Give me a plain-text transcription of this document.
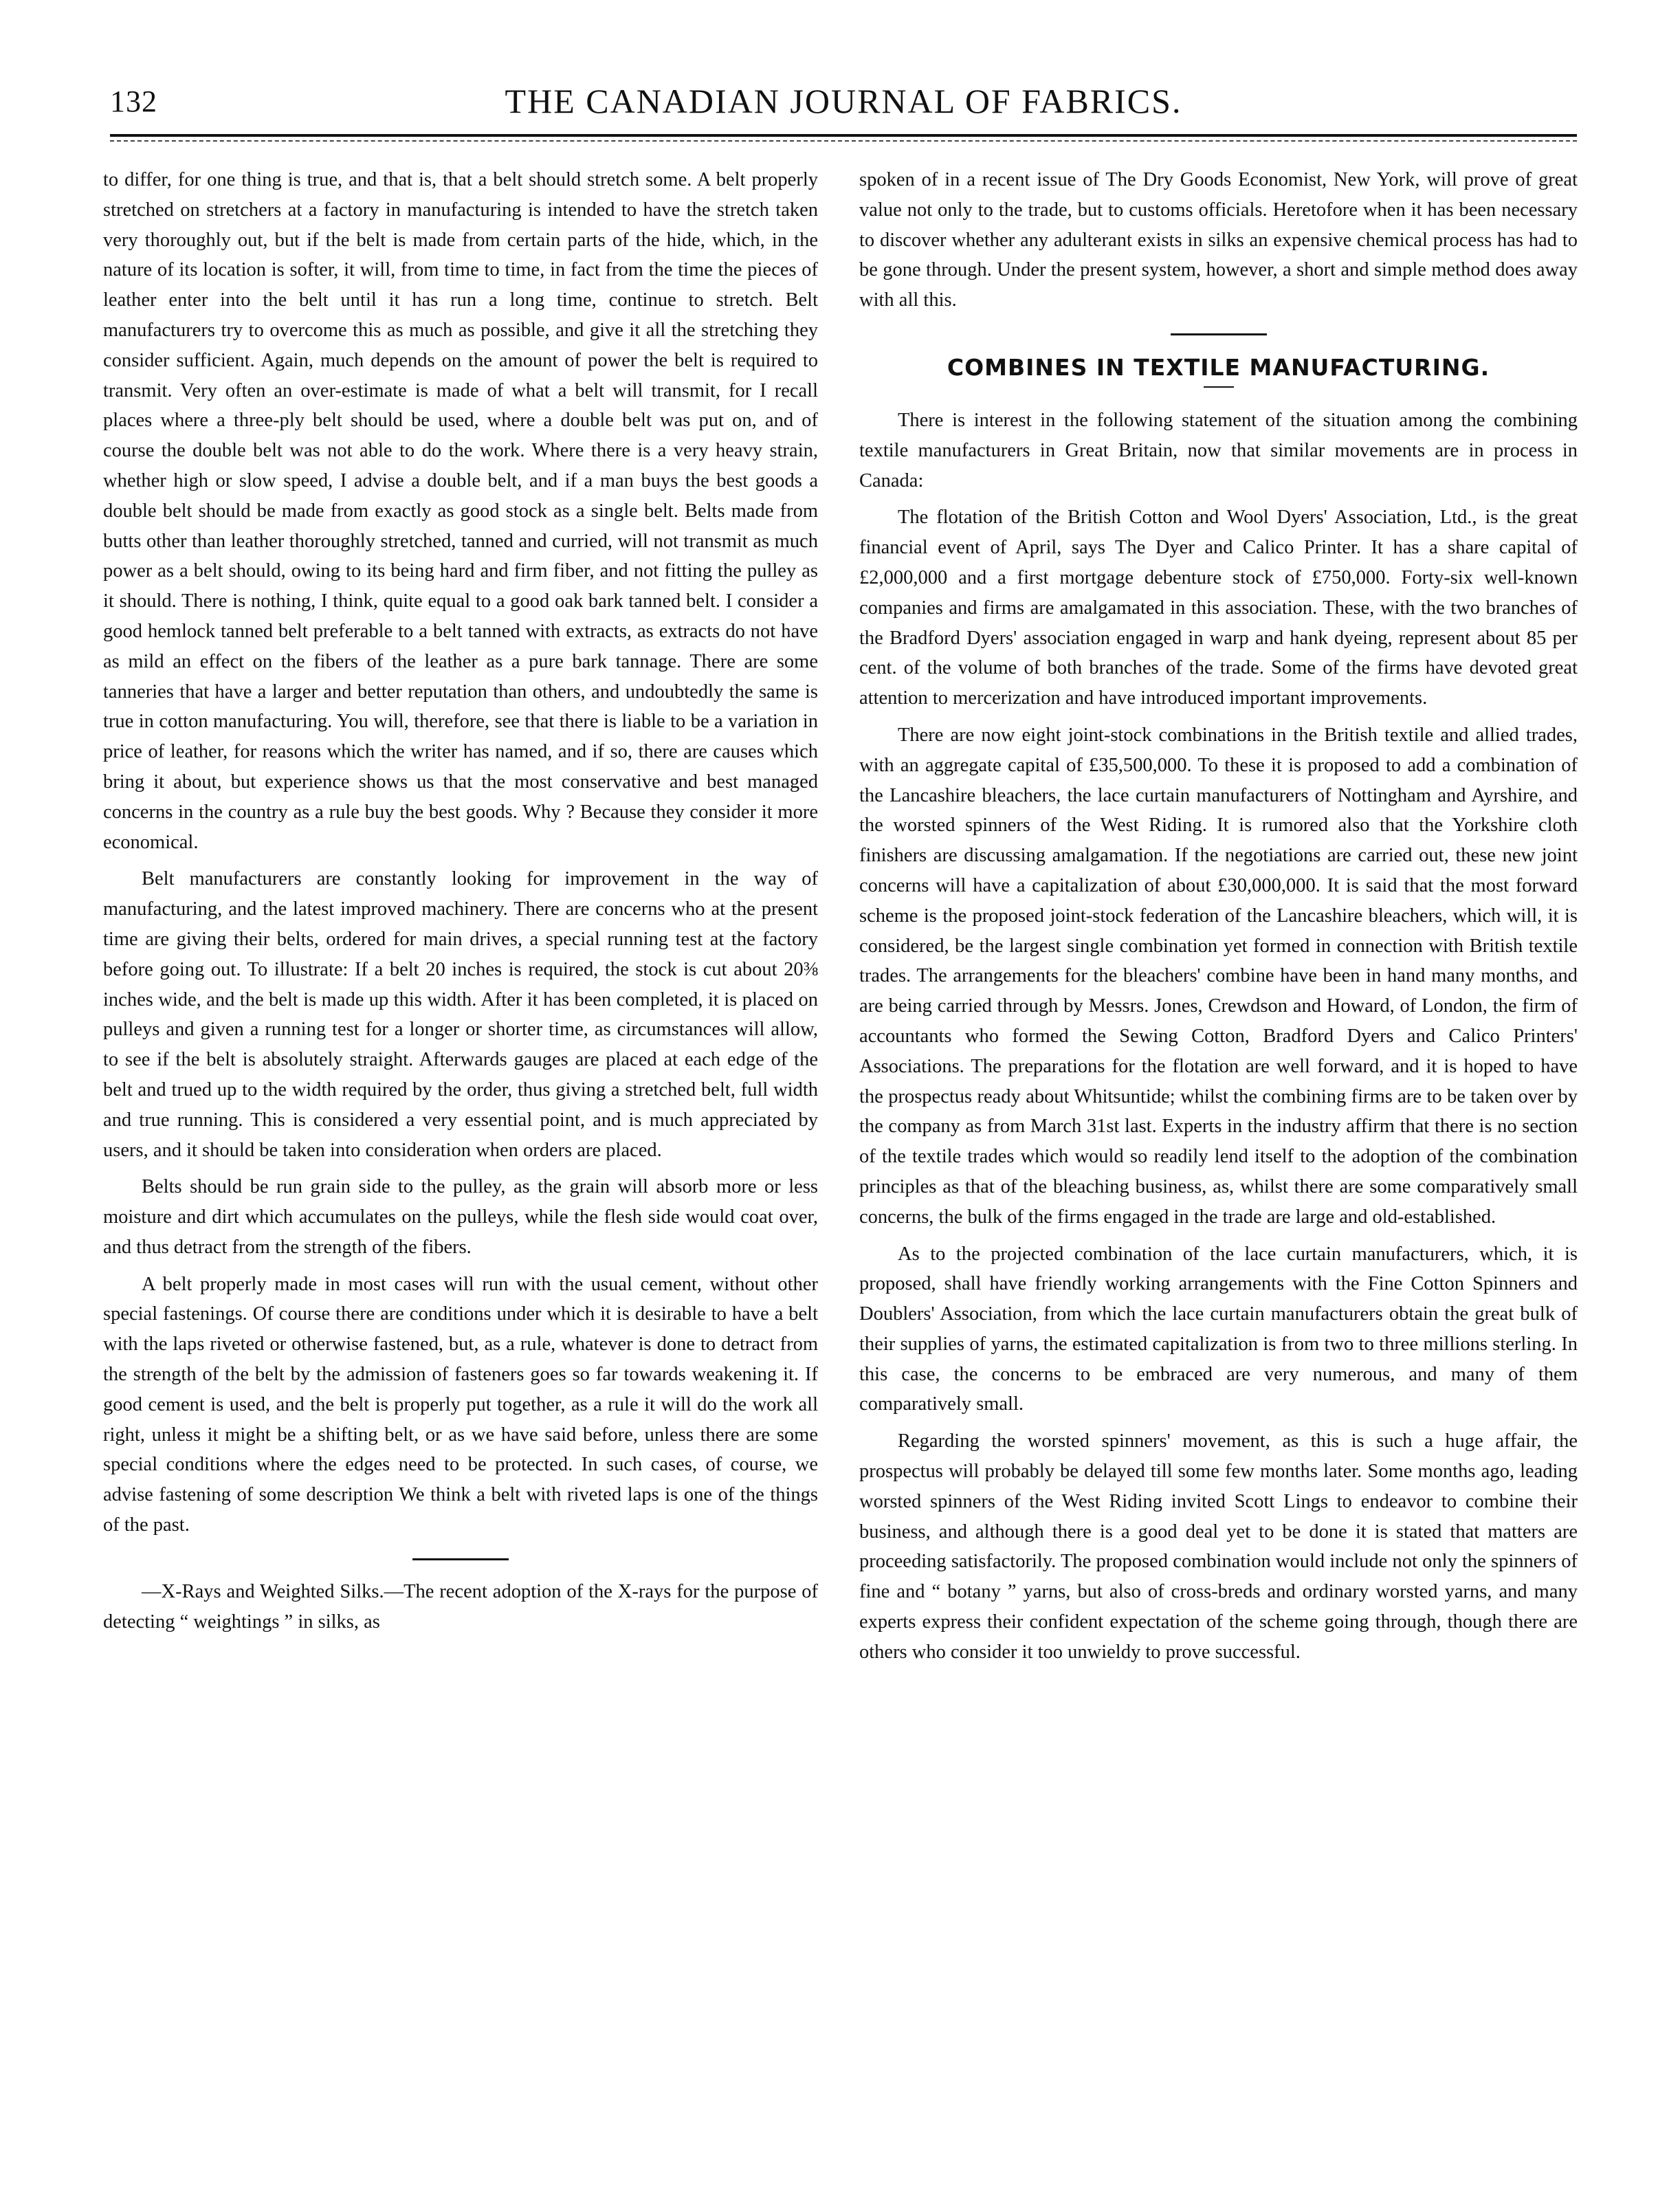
132	THE CANADIAN JOURNAL OF FABRICS.

to differ, for one thing is true, and that is, that a belt should stretch some. A belt properly stretched on stretchers at a factory in manufacturing is intended to have the stretch taken very thoroughly out, but if the belt is made from certain parts of the hide, which, in the nature of its location is softer, it will, from time to time, in fact from the time the pieces of leather enter into the belt until it has run a long time, continue to stretch. Belt manufacturers try to overcome this as much as possible, and give it all the stretching they consider sufficient. Again, much depends on the amount of power the belt is required to transmit. Very often an over-estimate is made of what a belt will transmit, for I recall places where a three-ply belt should be used, where a double belt was put on, and of course the double belt was not able to do the work. Where there is a very heavy strain, whether high or slow speed, I advise a double belt, and if a man buys the best goods a double belt should be made from exactly as good stock as a single belt. Belts made from butts other than leather thoroughly stretched, tanned and curried, will not transmit as much power as a belt should, owing to its being hard and firm fiber, and not fitting the pulley as it should. There is nothing, I think, quite equal to a good oak bark tanned belt. I consider a good hemlock tanned belt preferable to a belt tanned with extracts, as extracts do not have as mild an effect on the fibers of the leather as a pure bark tannage. There are some tanneries that have a larger and better reputation than others, and undoubtedly the same is true in cotton manufacturing. You will, therefore, see that there is liable to be a variation in price of leather, for reasons which the writer has named, and if so, there are causes which bring it about, but experience shows us that the most conservative and best managed concerns in the country as a rule buy the best goods. Why ? Because they consider it more economical.

Belt manufacturers are constantly looking for improvement in the way of manufacturing, and the latest improved machinery. There are concerns who at the present time are giving their belts, ordered for main drives, a special running test at the factory before going out. To illustrate: If a belt 20 inches is required, the stock is cut about 20⅜ inches wide, and the belt is made up this width. After it has been completed, it is placed on pulleys and given a running test for a longer or shorter time, as circumstances will allow, to see if the belt is absolutely straight. Afterwards gauges are placed at each edge of the belt and trued up to the width required by the order, thus giving a stretched belt, full width and true running. This is considered a very essential point, and is much appreciated by users, and it should be taken into consideration when orders are placed.

Belts should be run grain side to the pulley, as the grain will absorb more or less moisture and dirt which accumulates on the pulleys, while the flesh side would coat over, and thus detract from the strength of the fibers.

A belt properly made in most cases will run with the usual cement, without other special fastenings. Of course there are conditions under which it is desirable to have a belt with the laps riveted or otherwise fastened, but, as a rule, whatever is done to detract from the strength of the belt by the admission of fasteners goes so far towards weakening it. If good cement is used, and the belt is properly put together, as a rule it will do the work all right, unless it might be a shifting belt, or as we have said before, unless there are some special conditions where the edges need to be protected. In such cases, of course, we advise fastening of some description We think a belt with riveted laps is one of the things of the past.

—X-Rays and Weighted Silks.—The recent adoption of the X-rays for the purpose of detecting “ weightings ” in silks, as

spoken of in a recent issue of The Dry Goods Economist, New York, will prove of great value not only to the trade, but to customs officials. Heretofore when it has been necessary to discover whether any adulterant exists in silks an expensive chemical process has had to be gone through. Under the present system, however, a short and simple method does away with all this.

COMBINES IN TEXTILE MANUFACTURING.

There is interest in the following statement of the situation among the combining textile manufacturers in Great Britain, now that similar movements are in process in Canada:

The flotation of the British Cotton and Wool Dyers' Association, Ltd., is the great financial event of April, says The Dyer and Calico Printer. It has a share capital of £2,000,000 and a first mortgage debenture stock of £750,000. Forty-six well-known companies and firms are amalgamated in this association. These, with the two branches of the Bradford Dyers' association engaged in warp and hank dyeing, represent about 85 per cent. of the volume of both branches of the trade. Some of the firms have devoted great attention to mercerization and have introduced important improvements.

There are now eight joint-stock combinations in the British textile and allied trades, with an aggregate capital of £35,500,000. To these it is proposed to add a combination of the Lancashire bleachers, the lace curtain manufacturers of Nottingham and Ayrshire, and the worsted spinners of the West Riding. It is rumored also that the Yorkshire cloth finishers are discussing amalgamation. If the negotiations are carried out, these new joint concerns will have a capitalization of about £30,000,000. It is said that the most forward scheme is the proposed joint-stock federation of the Lancashire bleachers, which will, it is considered, be the largest single combination yet formed in connection with British textile trades. The arrangements for the bleachers' combine have been in hand many months, and are being carried through by Messrs. Jones, Crewdson and Howard, of London, the firm of accountants who formed the Sewing Cotton, Bradford Dyers and Calico Printers' Associations. The preparations for the flotation are well forward, and it is hoped to have the prospectus ready about Whitsuntide; whilst the combining firms are to be taken over by the company as from March 31st last. Experts in the industry affirm that there is no section of the textile trades which would so readily lend itself to the adoption of the combination principles as that of the bleaching business, as, whilst there are some comparatively small concerns, the bulk of the firms engaged in the trade are large and old-established.

As to the projected combination of the lace curtain manufacturers, which, it is proposed, shall have friendly working arrangements with the Fine Cotton Spinners and Doublers' Association, from which the lace curtain manufacturers obtain the great bulk of their supplies of yarns, the estimated capitalization is from two to three millions sterling. In this case, the concerns to be embraced are very numerous, and many of them comparatively small.

Regarding the worsted spinners' movement, as this is such a huge affair, the prospectus will probably be delayed till some few months later. Some months ago, leading worsted spinners of the West Riding invited Scott Lings to endeavor to combine their business, and although there is a good deal yet to be done it is stated that matters are proceeding satisfactorily. The proposed combination would include not only the spinners of fine and “ botany ” yarns, but also of cross-breds and ordinary worsted yarns, and many experts express their confident expectation of the scheme going through, though there are others who consider it too unwieldy to prove successful.
